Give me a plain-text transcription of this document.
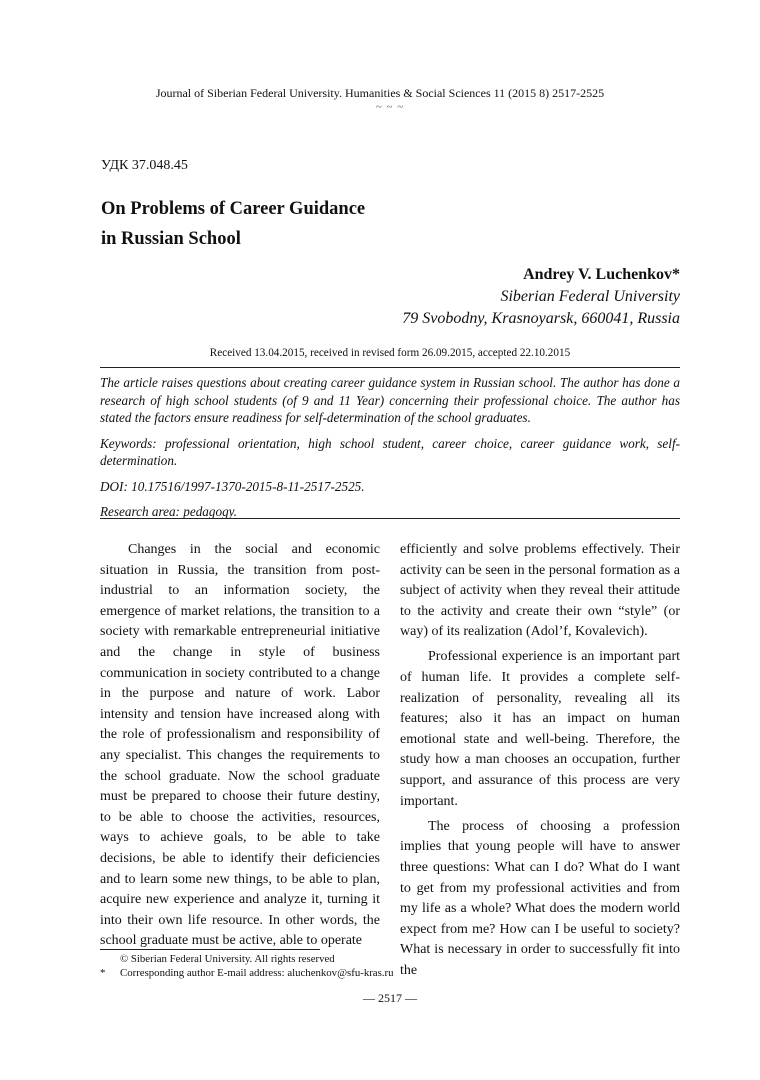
Journal of Siberian Federal University. Humanities & Social Sciences 11 (2015 8) 2517-2525
~ ~ ~
УДК 37.048.45
On Problems of Career Guidance
in Russian School
Andrey V. Luchenkov*
Siberian Federal University
79 Svobodny, Krasnoyarsk, 660041, Russia
Received 13.04.2015, received in revised form 26.09.2015, accepted 22.10.2015

The article raises questions about creating career guidance system in Russian school. The author has done a research of high school students (of 9 and 11 Year) concerning their professional choice. The author has stated the factors ensure readiness for self-determination of the school graduates.

Keywords: professional orientation, high school student, career choice, career guidance work, self-determination.

DOI: 10.17516/1997-1370-2015-8-11-2517-2525.

Research area: pedagogy.

Changes in the social and economic situation in Russia, the transition from post-industrial to an information society, the emergence of market relations, the transition to a society with remarkable entrepreneurial initiative and the change in style of business communication in society contributed to a change in the purpose and nature of work. Labor intensity and tension have increased along with the role of professionalism and responsibility of any specialist. This changes the requirements to the school graduate. Now the school graduate must be prepared to choose their future destiny, to be able to choose the activities, resources, ways to achieve goals, to be able to take decisions, be able to identify their deficiencies and to learn some new things, to be able to plan, acquire new experience and analyze it, turning it into their own life resource. In other words, the school graduate must be active, able to operate

efficiently and solve problems effectively. Their activity can be seen in the personal formation as a subject of activity when they reveal their attitude to the activity and create their own “style” (or way) of its realization (Adol’f, Kovalevich).

Professional experience is an important part of human life. It provides a complete self-realization of personality, revealing all its features; also it has an impact on human emotional state and well-being. Therefore, the study how a man chooses an occupation, further support, and assurance of this process are very important.

The process of choosing a profession implies that young people will have to answer three questions: What can I do? What do I want to get from my professional activities and from my life as a whole? What does the modern world expect from me? How can I be useful to society? What is necessary in order to successfully fit into the

© Siberian Federal University. All rights reserved
* Corresponding author E-mail address: aluchenkov@sfu-kras.ru
— 2517 —
